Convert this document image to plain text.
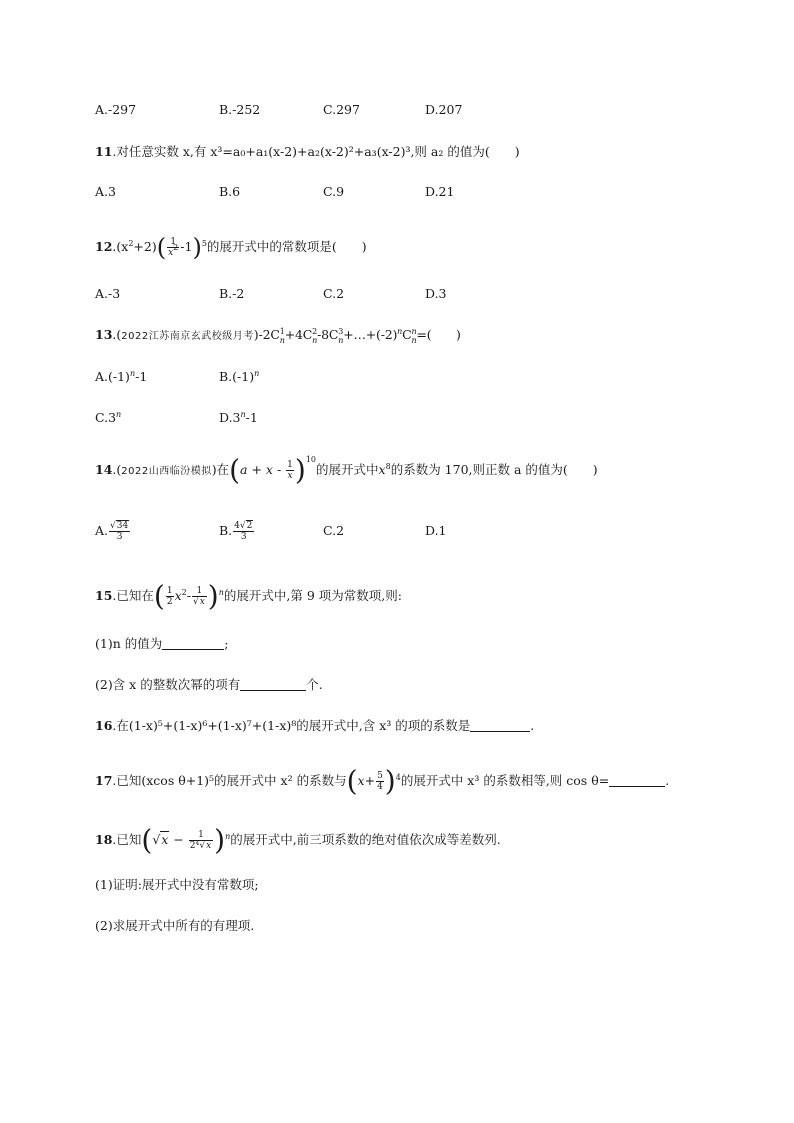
A.-297	B.-252	C.297	D.207
11.对任意实数 x,有 x³=a₀+a₁(x-2)+a₂(x-2)²+a₃(x-2)³,则 a₂ 的值为(　　)
A.3	B.6	C.9	D.21
$12.(x^2+2)( \frac{1}{x^2} -1)^5$的展开式中的常数项是(　　)
A.-3	B.-2	C.2	D.3
13.(2022江苏南京玄武校级月考)-2C 1
n +4C 2
n -8C 3
$n +\dots+(-2)^nC$ n
n =(　　)
$A.(-1)^n-1$	$B.(-1)^n$
C.3$^n$	D.3$^n$-1
14.(2022山西临汾模拟)在$(a + x - \frac{1}{x} )^{10}$的展开式中$x^8$的系数为 170,则正数 a 的值为(　　)
A. $\frac{√34}{3}$	B. $\frac{4√2}{3}$	C.2	D.1
15.已知在( $\frac{1}{2} x^2- \frac{1}{√x} )^n$的展开式中,第 9 项为常数项,则:
(1)n 的值为	;
(2)含 x 的整数次幂的项有	个.
16.在(1-x)⁵+(1-x)⁶+(1-x)⁷+(1-x)⁸的展开式中,含 x³ 的项的系数是	.
17.已知(xcos θ+1)⁵的展开式中 x² 的系数与$(x+ \frac{5}{4} )^4$的展开式中 x³ 的系数相等,则 cos θ=	.
18.已知$(√x - \frac{1}{2^4√x} )^n$的展开式中,前三项系数的绝对值依次成等差数列.
(1)证明:展开式中没有常数项;
(2)求展开式中所有的有理项.
